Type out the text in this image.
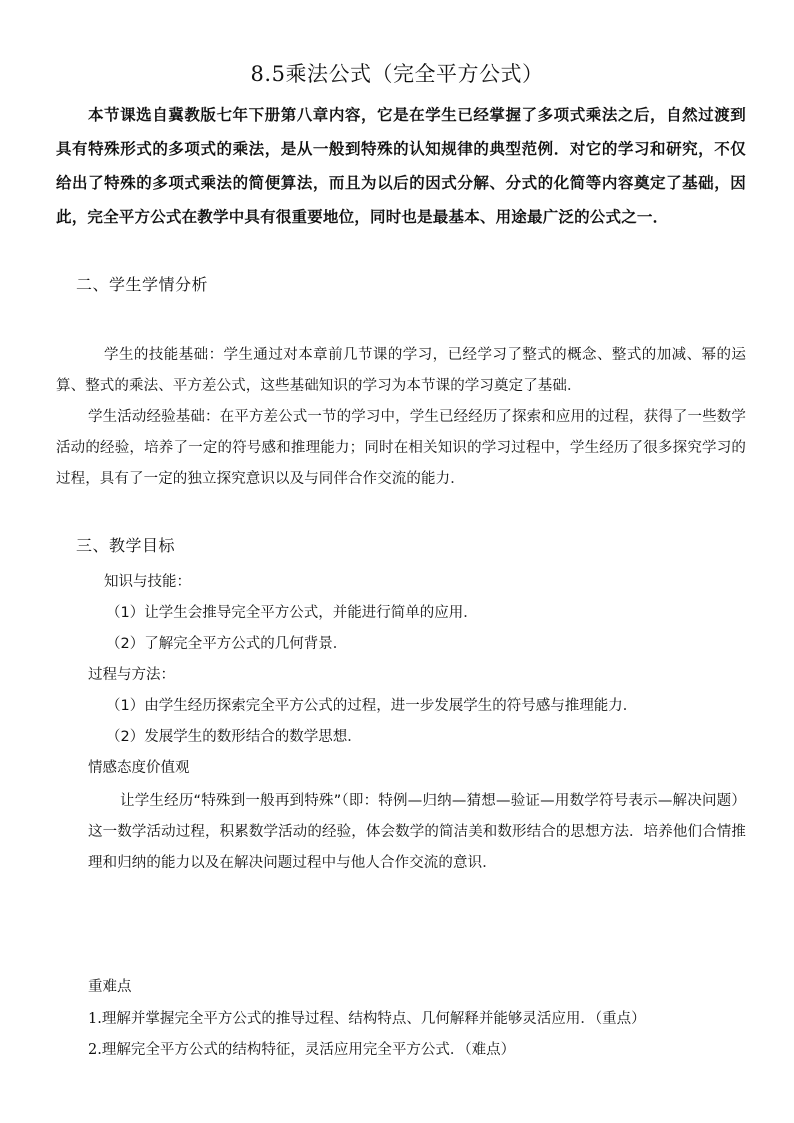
8.5乘法公式（完全平方公式）
本节课选自冀教版七年下册第八章内容，它是在学生已经掌握了多项式乘法之后，自然过渡到具有特殊形式的多项式的乘法，是从一般到特殊的认知规律的典型范例．对它的学习和研究，不仅给出了特殊的多项式乘法的简便算法，而且为以后的因式分解、分式的化简等内容奠定了基础，因此，完全平方公式在教学中具有很重要地位，同时也是最基本、用途最广泛的公式之一．
二、学生学情分析
学生的技能基础：学生通过对本章前几节课的学习，已经学习了整式的概念、整式的加减、幂的运算、整式的乘法、平方差公式，这些基础知识的学习为本节课的学习奠定了基础．
学生活动经验基础：在平方差公式一节的学习中，学生已经经历了探索和应用的过程，获得了一些数学活动的经验，培养了一定的符号感和推理能力；同时在相关知识的学习过程中，学生经历了很多探究学习的过程，具有了一定的独立探究意识以及与同伴合作交流的能力．
三、教学目标
知识与技能：
（1）让学生会推导完全平方公式，并能进行简单的应用．
（2）了解完全平方公式的几何背景．
过程与方法：
（1）由学生经历探索完全平方公式的过程，进一步发展学生的符号感与推理能力．
（2）发展学生的数形结合的数学思想．
情感态度价值观
让学生经历“特殊到一般再到特殊”（即：特例—归纳—猜想—验证—用数学符号表示—解决问题）这一数学活动过程，积累数学活动的经验，体会数学的简洁美和数形结合的思想方法．培养他们合情推理和归纳的能力以及在解决问题过程中与他人合作交流的意识．
重难点
1.理解并掌握完全平方公式的推导过程、结构特点、几何解释并能够灵活应用．（重点）
2.理解完全平方公式的结构特征，灵活应用完全平方公式．（难点）
